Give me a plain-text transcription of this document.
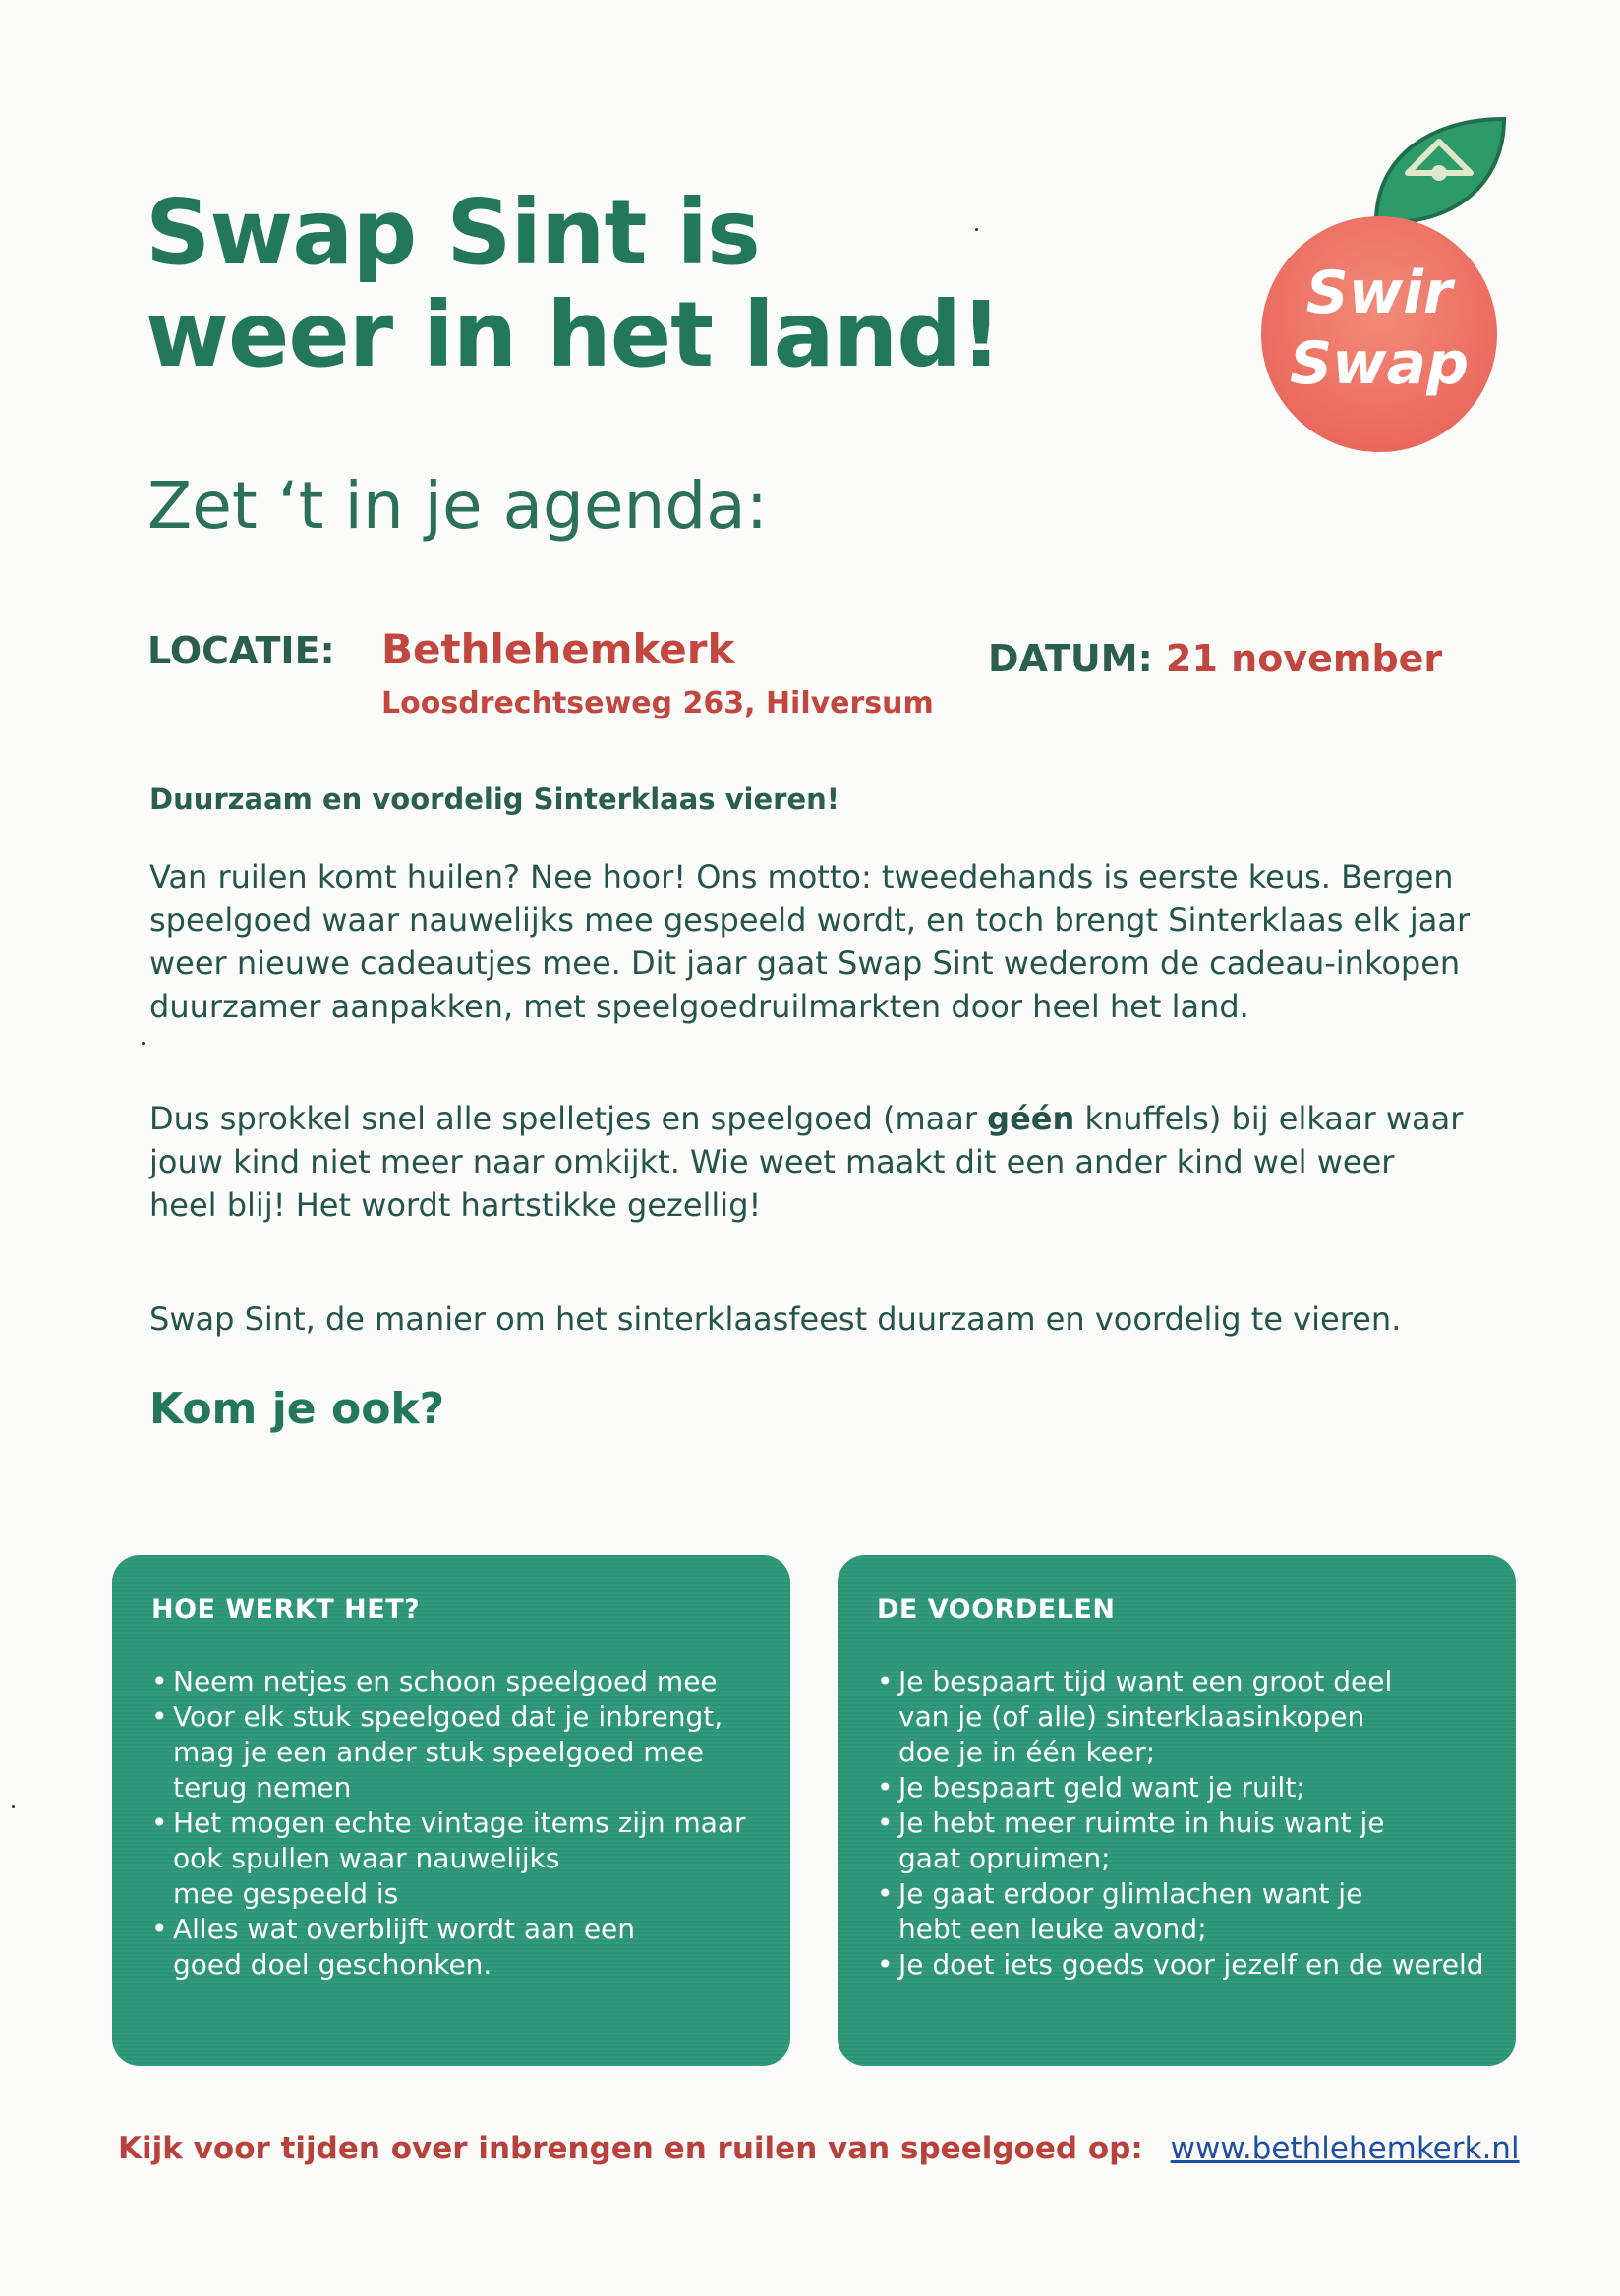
Swap Sint is
weer in het land!
Zet ‘t in je agenda:
Swir
Swap
LOCATIE: Bethlehemkerk
Loosdrechtseweg 263, Hilversum
DATUM: 21 november
Duurzaam en voordelig Sinterklaas vieren!
Van ruilen komt huilen? Nee hoor! Ons motto: tweedehands is eerste keus. Bergen
speelgoed waar nauwelijks mee gespeeld wordt, en toch brengt Sinterklaas elk jaar
weer nieuwe cadeautjes mee. Dit jaar gaat Swap Sint wederom de cadeau-inkopen
duurzamer aanpakken, met speelgoedruilmarkten door heel het land.
Dus sprokkel snel alle spelletjes en speelgoed (maar géén knuffels) bij elkaar waar
jouw kind niet meer naar omkijkt. Wie weet maakt dit een ander kind wel weer
heel blij! Het wordt hartstikke gezellig!
Swap Sint, de manier om het sinterklaasfeest duurzaam en voordelig te vieren.
Kom je ook?
HOE WERKT HET?
• Neem netjes en schoon speelgoed mee
• Voor elk stuk speelgoed dat je inbrengt,
mag je een ander stuk speelgoed mee
terug nemen
• Het mogen echte vintage items zijn maar
ook spullen waar nauwelijks
mee gespeeld is
• Alles wat overblijft wordt aan een
goed doel geschonken.
DE VOORDELEN
• Je bespaart tijd want een groot deel
van je (of alle) sinterklaasinkopen
doe je in één keer;
• Je bespaart geld want je ruilt;
• Je hebt meer ruimte in huis want je
gaat opruimen;
• Je gaat erdoor glimlachen want je
hebt een leuke avond;
• Je doet iets goeds voor jezelf en de wereld
Kijk voor tijden over inbrengen en ruilen van speelgoed op: www.bethlehemkerk.nl
